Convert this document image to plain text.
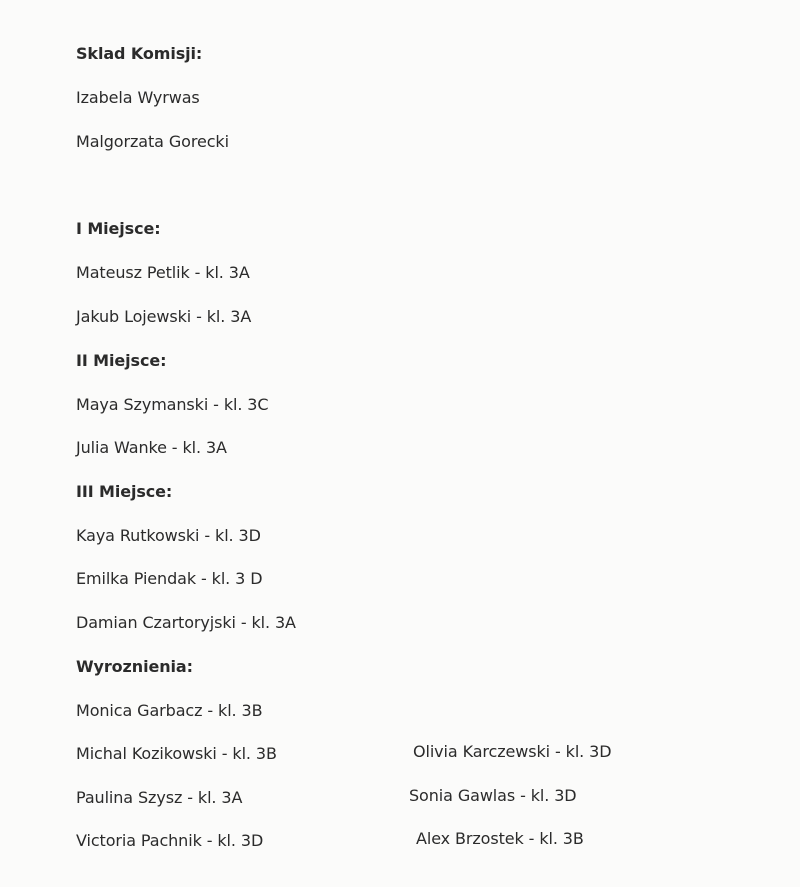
Sklad Komisji:
Izabela Wyrwas
Malgorzata Gorecki
I Miejsce:
Mateusz Petlik - kl. 3A
Jakub Lojewski - kl. 3A
II Miejsce:
Maya Szymanski - kl. 3C
Julia Wanke - kl. 3A
III Miejsce:
Kaya Rutkowski - kl. 3D
Emilka Piendak - kl. 3 D
Damian Czartoryjski - kl. 3A
Wyroznienia:
Monica Garbacz - kl. 3B
Michal Kozikowski - kl. 3B
Paulina Szysz - kl. 3A
Victoria Pachnik - kl. 3D
Olivia Karczewski - kl. 3D
Sonia Gawlas - kl. 3D
Alex Brzostek - kl. 3B
